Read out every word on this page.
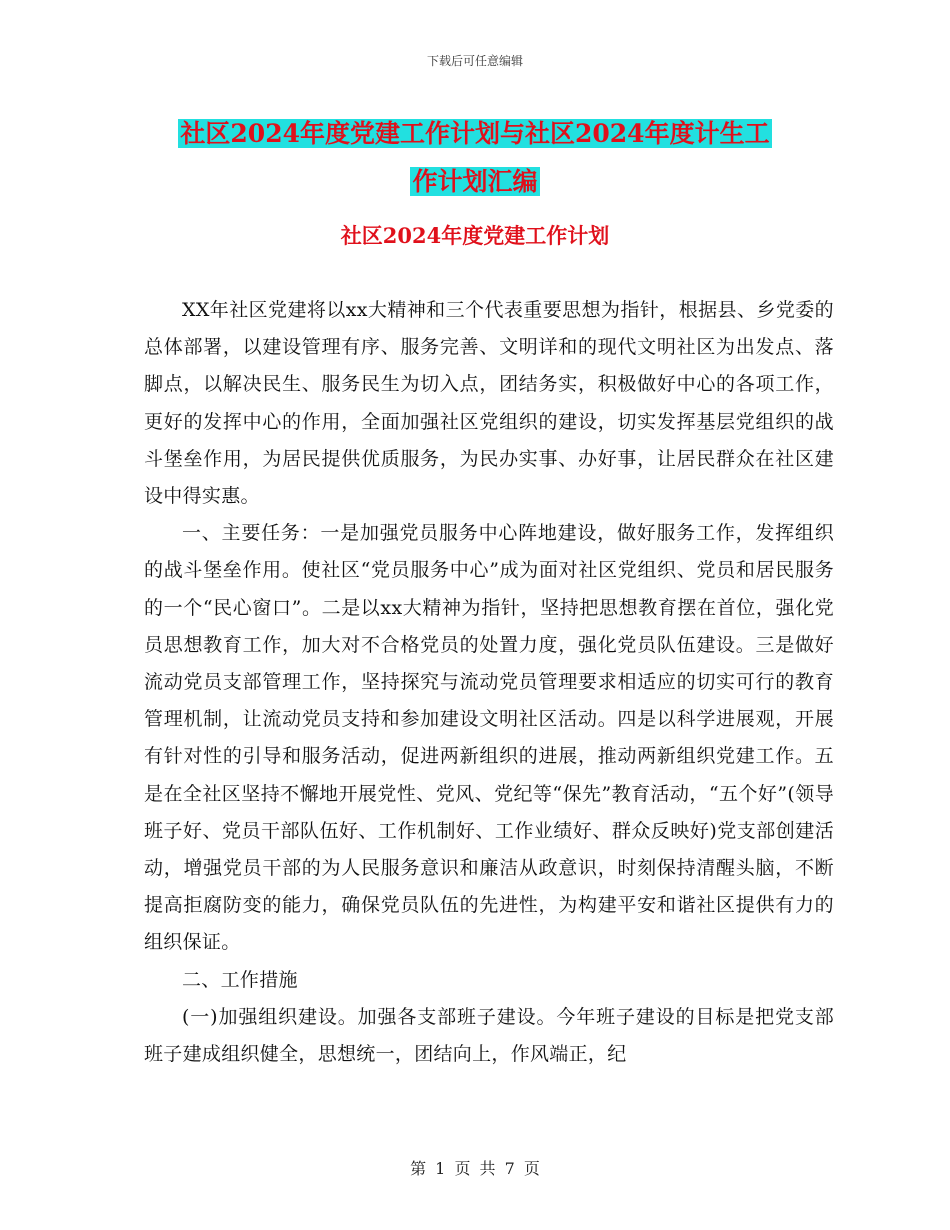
下载后可任意编辑
社区2024年度党建工作计划与社区2024年度计生工
作计划汇编
社区2024年度党建工作计划

XX年社区党建将以xx大精神和三个代表重要思想为指针，根据县、乡党委的总体部署，以建设管理有序、服务完善、文明详和的现代文明社区为出发点、落脚点，以解决民生、服务民生为切入点，团结务实，积极做好中心的各项工作，更好的发挥中心的作用，全面加强社区党组织的建设，切实发挥基层党组织的战斗堡垒作用，为居民提供优质服务，为民办实事、办好事，让居民群众在社区建设中得实惠。

一、主要任务：一是加强党员服务中心阵地建设，做好服务工作，发挥组织的战斗堡垒作用。使社区“党员服务中心”成为面对社区党组织、党员和居民服务的一个“民心窗口”。二是以xx大精神为指针，坚持把思想教育摆在首位，强化党员思想教育工作，加大对不合格党员的处置力度，强化党员队伍建设。三是做好流动党员支部管理工作，坚持探究与流动党员管理要求相适应的切实可行的教育管理机制，让流动党员支持和参加建设文明社区活动。四是以科学进展观，开展有针对性的引导和服务活动，促进两新组织的进展，推动两新组织党建工作。五是在全社区坚持不懈地开展党性、党风、党纪等“保先”教育活动，“五个好”(领导班子好、党员干部队伍好、工作机制好、工作业绩好、群众反映好)党支部创建活动，增强党员干部的为人民服务意识和廉洁从政意识，时刻保持清醒头脑，不断提高拒腐防变的能力，确保党员队伍的先进性，为构建平安和谐社区提供有力的组织保证。

二、工作措施

(一)加强组织建设。加强各支部班子建设。今年班子建设的目标是把党支部班子建成组织健全，思想统一，团结向上，作风端正，纪

第 1 页 共 7 页
